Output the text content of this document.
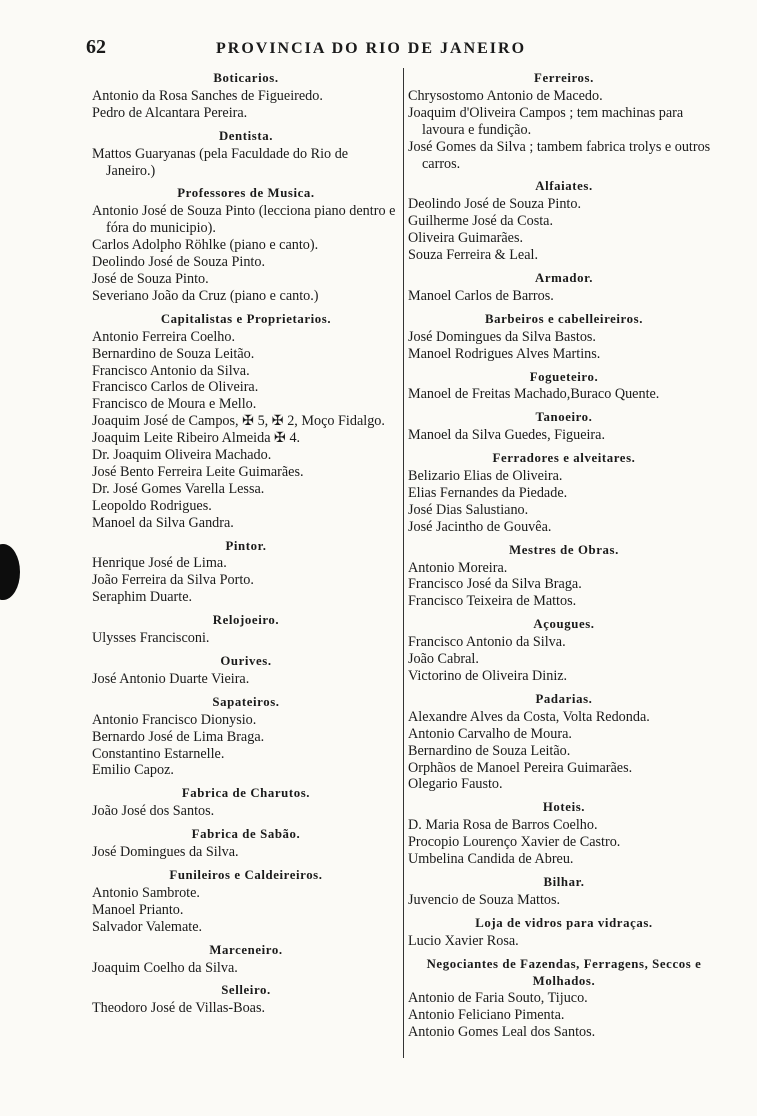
62	PROVINCIA DO RIO DE JANEIRO
Boticarios.
Antonio da Rosa Sanches de Figueiredo.
Pedro de Alcantara Pereira.
Dentista.
Mattos Guaryanas (pela Faculdade do Rio de Janeiro.)
Professores de Musica.
Antonio José de Souza Pinto (lecciona piano dentro e fóra do municipio).
Carlos Adolpho Röhlke (piano e canto).
Deolindo José de Souza Pinto.
José de Souza Pinto.
Severiano João da Cruz (piano e canto.)
Capitalistas e Proprietarios.
Antonio Ferreira Coelho.
Bernardino de Souza Leitão.
Francisco Antonio da Silva.
Francisco Carlos de Oliveira.
Francisco de Moura e Mello.
Joaquim José de Campos, ✠ 5, ✠ 2, Moço Fidalgo.
Joaquim Leite Ribeiro Almeida ✠ 4.
Dr. Joaquim Oliveira Machado.
José Bento Ferreira Leite Guimarães.
Dr. José Gomes Varella Lessa.
Leopoldo Rodrigues.
Manoel da Silva Gandra.
Pintor.
Henrique José de Lima.
João Ferreira da Silva Porto.
Seraphim Duarte.
Relojoeiro.
Ulysses Francisconi.
Ourives.
José Antonio Duarte Vieira.
Sapateiros.
Antonio Francisco Dionysio.
Bernardo José de Lima Braga.
Constantino Estarnelle.
Emilio Capoz.
Fabrica de Charutos.
João José dos Santos.
Fabrica de Sabão.
José Domingues da Silva.
Funileiros e Caldeireiros.
Antonio Sambrote.
Manoel Prianto.
Salvador Valemate.
Marceneiro.
Joaquim Coelho da Silva.
Selleiro.
Theodoro José de Villas-Boas.
Ferreiros.
Chrysostomo Antonio de Macedo.
Joaquim d'Oliveira Campos ; tem machinas para lavoura e fundição.
José Gomes da Silva ; tambem fabrica trolys e outros carros.
Alfaiates.
Deolindo José de Souza Pinto.
Guilherme José da Costa.
Oliveira Guimarães.
Souza Ferreira & Leal.
Armador.
Manoel Carlos de Barros.
Barbeiros e cabelleireiros.
José Domingues da Silva Bastos.
Manoel Rodrigues Alves Martins.
Fogueteiro.
Manoel de Freitas Machado,Buraco Quente.
Tanoeiro.
Manoel da Silva Guedes, Figueira.
Ferradores e alveitares.
Belizario Elias de Oliveira.
Elias Fernandes da Piedade.
José Dias Salustiano.
José Jacintho de Gouvêa.
Mestres de Obras.
Antonio Moreira.
Francisco José da Silva Braga.
Francisco Teixeira de Mattos.
Açougues.
Francisco Antonio da Silva.
João Cabral.
Victorino de Oliveira Diniz.
Padarias.
Alexandre Alves da Costa, Volta Redonda.
Antonio Carvalho de Moura.
Bernardino de Souza Leitão.
Orphãos de Manoel Pereira Guimarães.
Olegario Fausto.
Hoteis.
D. Maria Rosa de Barros Coelho.
Procopio Lourenço Xavier de Castro.
Umbelina Candida de Abreu.
Bilhar.
Juvencio de Souza Mattos.
Loja de vidros para vidraças.
Lucio Xavier Rosa.
Negociantes de Fazendas, Ferragens, Seccos e Molhados.
Antonio de Faria Souto, Tijuco.
Antonio Feliciano Pimenta.
Antonio Gomes Leal dos Santos.
